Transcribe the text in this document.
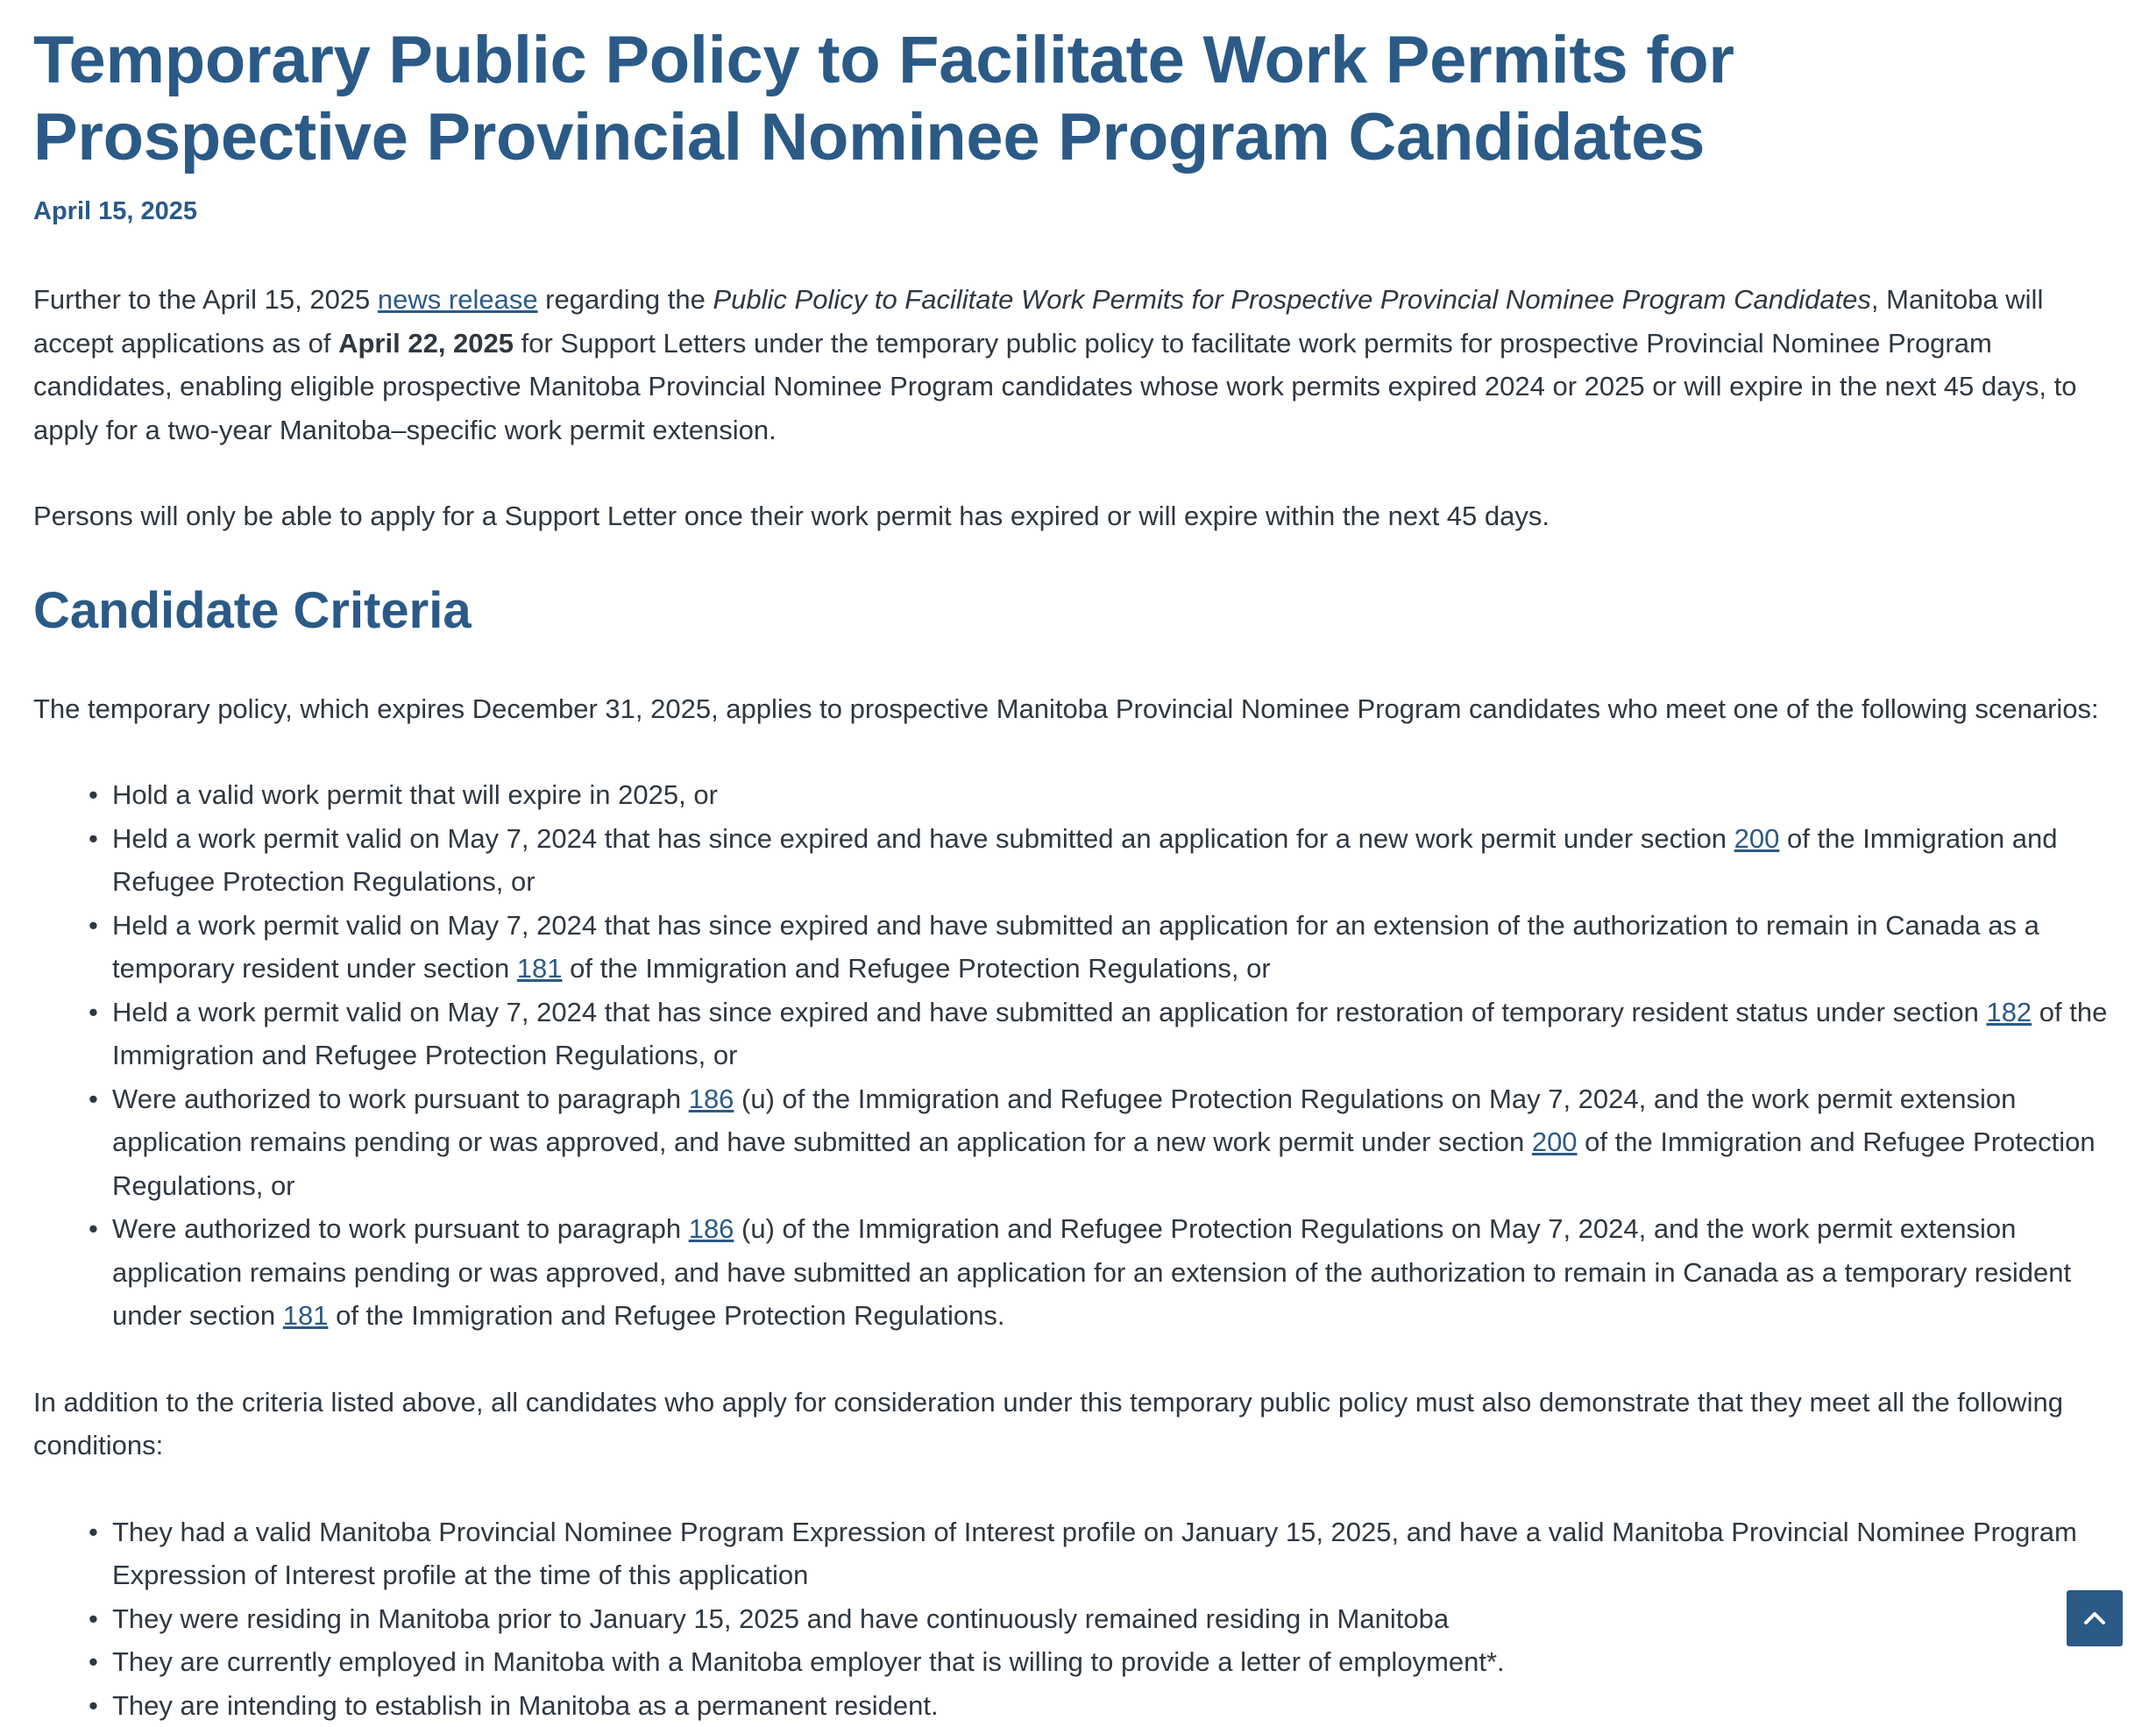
Temporary Public Policy to Facilitate Work Permits for Prospective Provincial Nominee Program Candidates
April 15, 2025

Further to the April 15, 2025 news release regarding the Public Policy to Facilitate Work Permits for Prospective Provincial Nominee Program Candidates, Manitoba will accept applications as of April 22, 2025 for Support Letters under the temporary public policy to facilitate work permits for prospective Provincial Nominee Program candidates, enabling eligible prospective Manitoba Provincial Nominee Program candidates whose work permits expired 2024 or 2025 or will expire in the next 45 days, to apply for a two-year Manitoba–specific work permit extension.

Persons will only be able to apply for a Support Letter once their work permit has expired or will expire within the next 45 days.

Candidate Criteria

The temporary policy, which expires December 31, 2025, applies to prospective Manitoba Provincial Nominee Program candidates who meet one of the following scenarios:

• Hold a valid work permit that will expire in 2025, or
• Held a work permit valid on May 7, 2024 that has since expired and have submitted an application for a new work permit under section 200 of the Immigration and Refugee Protection Regulations, or
• Held a work permit valid on May 7, 2024 that has since expired and have submitted an application for an extension of the authorization to remain in Canada as a temporary resident under section 181 of the Immigration and Refugee Protection Regulations, or
• Held a work permit valid on May 7, 2024 that has since expired and have submitted an application for restoration of temporary resident status under section 182 of the Immigration and Refugee Protection Regulations, or
• Were authorized to work pursuant to paragraph 186 (u) of the Immigration and Refugee Protection Regulations on May 7, 2024, and the work permit extension application remains pending or was approved, and have submitted an application for a new work permit under section 200 of the Immigration and Refugee Protection Regulations, or
• Were authorized to work pursuant to paragraph 186 (u) of the Immigration and Refugee Protection Regulations on May 7, 2024, and the work permit extension application remains pending or was approved, and have submitted an application for an extension of the authorization to remain in Canada as a temporary resident under section 181 of the Immigration and Refugee Protection Regulations.

In addition to the criteria listed above, all candidates who apply for consideration under this temporary public policy must also demonstrate that they meet all the following conditions:

• They had a valid Manitoba Provincial Nominee Program Expression of Interest profile on January 15, 2025, and have a valid Manitoba Provincial Nominee Program Expression of Interest profile at the time of this application
• They were residing in Manitoba prior to January 15, 2025 and have continuously remained residing in Manitoba
• They are currently employed in Manitoba with a Manitoba employer that is willing to provide a letter of employment*.
• They are intending to establish in Manitoba as a permanent resident.
